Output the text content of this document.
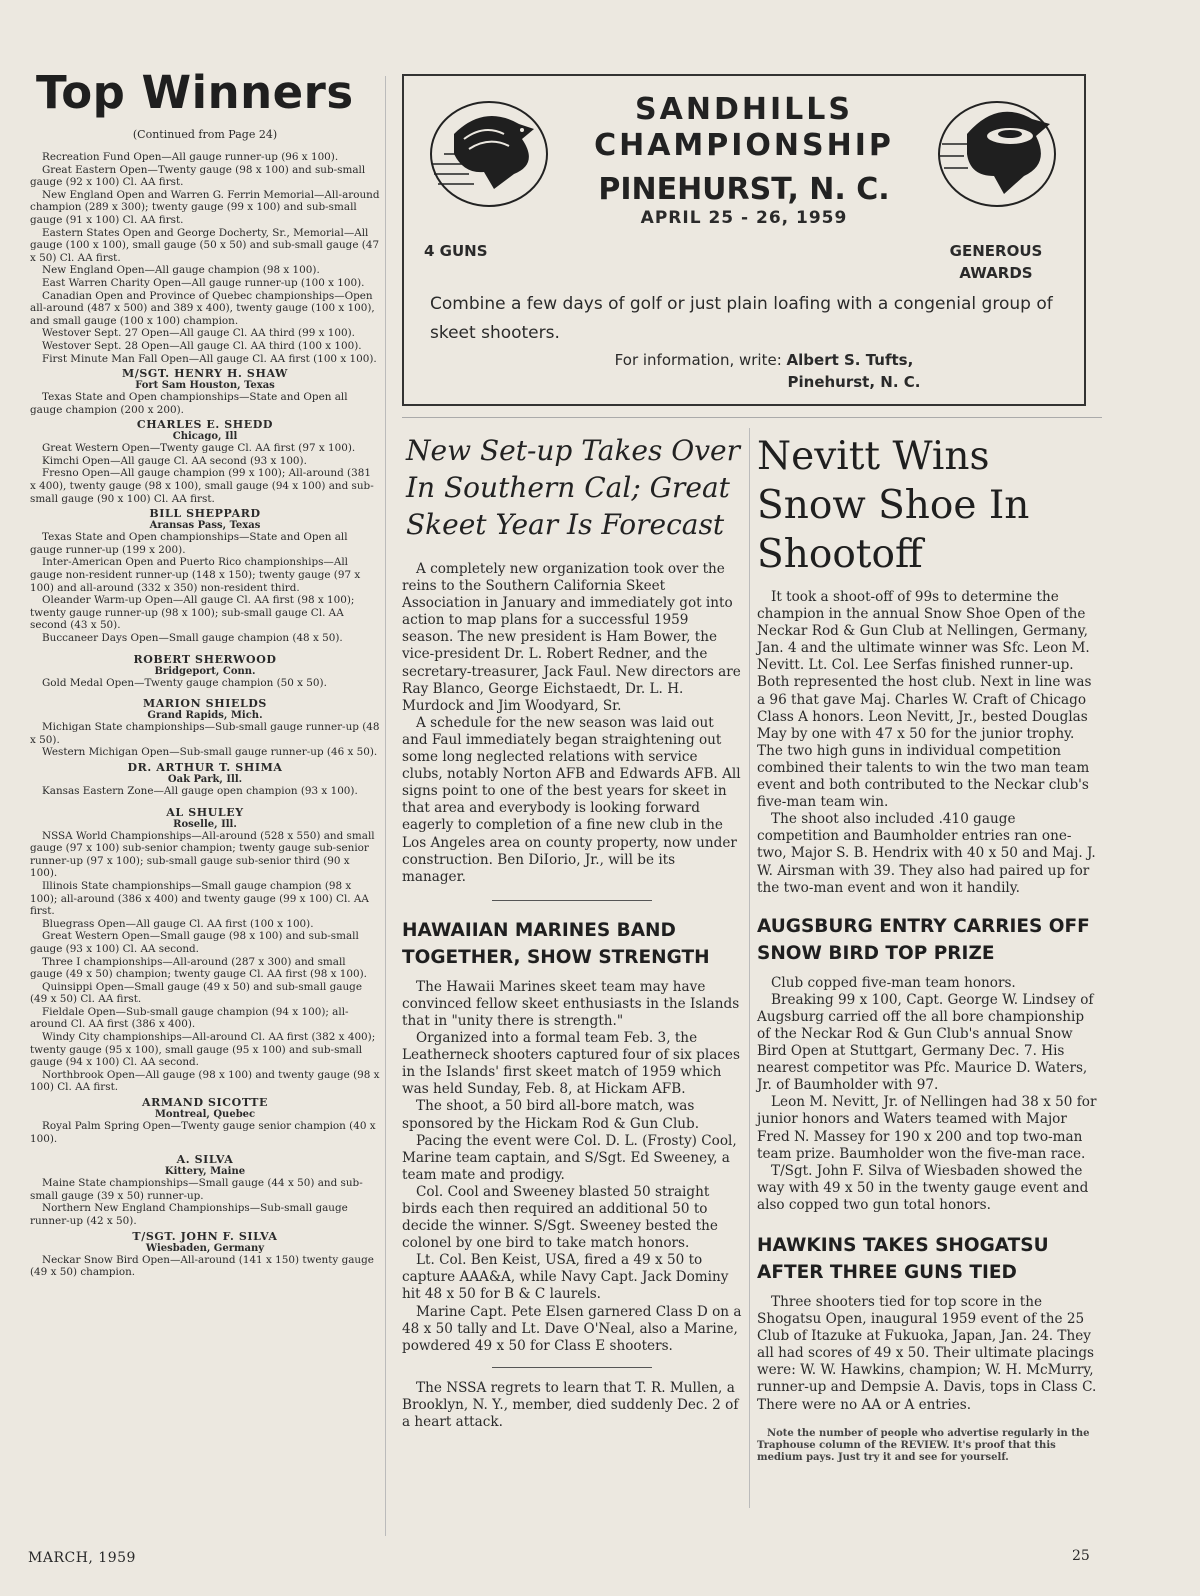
Top Winners
(Continued from Page 24)
Recreation Fund Open—All gauge runner-up (96 x 100).
Great Eastern Open—Twenty gauge (98 x 100) and sub-small gauge (92 x 100) Cl. AA first.
New England Open and Warren G. Ferrin Memorial—All-around champion (289 x 300); twenty gauge (99 x 100) and sub-small gauge (91 x 100) Cl. AA first.
Eastern States Open and George Docherty, Sr., Memorial—All gauge (100 x 100), small gauge (50 x 50) and sub-small gauge (47 x 50) Cl. AA first.
New England Open—All gauge champion (98 x 100).
East Warren Charity Open—All gauge runner-up (100 x 100).
Canadian Open and Province of Quebec championships—Open all-around (487 x 500) and 389 x 400), twenty gauge (100 x 100), and small gauge (100 x 100) champion.
Westover Sept. 27 Open—All gauge Cl. AA third (99 x 100).
Westover Sept. 28 Open—All gauge Cl. AA third (100 x 100).
First Minute Man Fall Open—All gauge Cl. AA first (100 x 100).
M/SGT. HENRY H. SHAW
Fort Sam Houston, Texas
Texas State and Open championships—State and Open all gauge champion (200 x 200).
CHARLES E. SHEDD
Chicago, Ill
Great Western Open—Twenty gauge Cl. AA first (97 x 100).
Kimchi Open—All gauge Cl. AA second (93 x 100).
Fresno Open—All gauge champion (99 x 100); All-around (381 x 400), twenty gauge (98 x 100), small gauge (94 x 100) and sub-small gauge (90 x 100) Cl. AA first.
BILL SHEPPARD
Aransas Pass, Texas
Texas State and Open championships—State and Open all gauge runner-up (199 x 200).
Inter-American Open and Puerto Rico championships—All gauge non-resident runner-up (148 x 150); twenty gauge (97 x 100) and all-around (332 x 350) non-resident third.
Oleander Warm-up Open—All gauge Cl. AA first (98 x 100); twenty gauge runner-up (98 x 100); sub-small gauge Cl. AA second (43 x 50).
Buccaneer Days Open—Small gauge champion (48 x 50).
ROBERT SHERWOOD
Bridgeport, Conn.
Gold Medal Open—Twenty gauge champion (50 x 50).
MARION SHIELDS
Grand Rapids, Mich.
Michigan State championships—Sub-small gauge runner-up (48 x 50).
Western Michigan Open—Sub-small gauge runner-up (46 x 50).
DR. ARTHUR T. SHIMA
Oak Park, Ill.
Kansas Eastern Zone—All gauge open champion (93 x 100).
AL SHULEY
Roselle, Ill.
NSSA World Championships—All-around (528 x 550) and small gauge (97 x 100) sub-senior champion; twenty gauge sub-senior runner-up (97 x 100); sub-small gauge sub-senior third (90 x 100).
Illinois State championships—Small gauge champion (98 x 100); all-around (386 x 400) and twenty gauge (99 x 100) Cl. AA first.
Bluegrass Open—All gauge Cl. AA first (100 x 100).
Great Western Open—Small gauge (98 x 100) and sub-small gauge (93 x 100) Cl. AA second.
Three I championships—All-around (287 x 300) and small gauge (49 x 50) champion; twenty gauge Cl. AA first (98 x 100).
Quinsippi Open—Small gauge (49 x 50) and sub-small gauge (49 x 50) Cl. AA first.
Fieldale Open—Sub-small gauge champion (94 x 100); all-around Cl. AA first (386 x 400).
Windy City championships—All-around Cl. AA first (382 x 400); twenty gauge (95 x 100), small gauge (95 x 100) and sub-small gauge (94 x 100) Cl. AA second.
Northbrook Open—All gauge (98 x 100) and twenty gauge (98 x 100) Cl. AA first.
ARMAND SICOTTE
Montreal, Quebec
Royal Palm Spring Open—Twenty gauge senior champion (40 x 100).
A. SILVA
Kittery, Maine
Maine State championships—Small gauge (44 x 50) and sub-small gauge (39 x 50) runner-up.
Northern New England Championships—Sub-small gauge runner-up (42 x 50).
T/SGT. JOHN F. SILVA
Wiesbaden, Germany
Neckar Snow Bird Open—All-around (141 x 150) twenty gauge (49 x 50) champion.
SANDHILLS
CHAMPIONSHIP
PINEHURST, N. C.
APRIL 25 - 26, 1959
4 GUNS	GENEROUS
AWARDS
Combine a few days of golf or just plain loafing with a congenial group of skeet shooters.
For information, write: Albert S. Tufts,
Pinehurst, N. C.
New Set-up Takes Over In Southern Cal; Great Skeet Year Is Forecast
A completely new organization took over the reins to the Southern California Skeet Association in January and immediately got into action to map plans for a successful 1959 season. The new president is Ham Bower, the vice-president Dr. L. Robert Redner, and the secretary-treasurer, Jack Faul. New directors are Ray Blanco, George Eichstaedt, Dr. L. H. Murdock and Jim Woodyard, Sr.
A schedule for the new season was laid out and Faul immediately began straightening out some long neglected relations with service clubs, notably Norton AFB and Edwards AFB. All signs point to one of the best years for skeet in that area and everybody is looking forward eagerly to completion of a fine new club in the Los Angeles area on county property, now under construction. Ben DiIorio, Jr., will be its manager.
HAWAIIAN MARINES BAND TOGETHER, SHOW STRENGTH
The Hawaii Marines skeet team may have convinced fellow skeet enthusiasts in the Islands that in "unity there is strength."
Organized into a formal team Feb. 3, the Leatherneck shooters captured four of six places in the Islands' first skeet match of 1959 which was held Sunday, Feb. 8, at Hickam AFB.
The shoot, a 50 bird all-bore match, was sponsored by the Hickam Rod & Gun Club.
Pacing the event were Col. D. L. (Frosty) Cool, Marine team captain, and S/Sgt. Ed Sweeney, a team mate and prodigy.
Col. Cool and Sweeney blasted 50 straight birds each then required an additional 50 to decide the winner. S/Sgt. Sweeney bested the colonel by one bird to take match honors.
Lt. Col. Ben Keist, USA, fired a 49 x 50 to capture AAA&A, while Navy Capt. Jack Dominy hit 48 x 50 for B & C laurels.
Marine Capt. Pete Elsen garnered Class D on a 48 x 50 tally and Lt. Dave O'Neal, also a Marine, powdered 49 x 50 for Class E shooters.
The NSSA regrets to learn that T. R. Mullen, a Brooklyn, N. Y., member, died suddenly Dec. 2 of a heart attack.
Nevitt Wins Snow Shoe In Shootoff
It took a shoot-off of 99s to determine the champion in the annual Snow Shoe Open of the Neckar Rod & Gun Club at Nellingen, Germany, Jan. 4 and the ultimate winner was Sfc. Leon M. Nevitt. Lt. Col. Lee Serfas finished runner-up. Both represented the host club. Next in line was a 96 that gave Maj. Charles W. Craft of Chicago Class A honors. Leon Nevitt, Jr., bested Douglas May by one with 47 x 50 for the junior trophy. The two high guns in individual competition combined their talents to win the two man team event and both contributed to the Neckar club's five-man team win.
The shoot also included .410 gauge competition and Baumholder entries ran one-two, Major S. B. Hendrix with 40 x 50 and Maj. J. W. Airsman with 39. They also had paired up for the two-man event and won it handily.
AUGSBURG ENTRY CARRIES OFF SNOW BIRD TOP PRIZE
Club copped five-man team honors.
Breaking 99 x 100, Capt. George W. Lindsey of Augsburg carried off the all bore championship of the Neckar Rod & Gun Club's annual Snow Bird Open at Stuttgart, Germany Dec. 7. His nearest competitor was Pfc. Maurice D. Waters, Jr. of Baumholder with 97.
Leon M. Nevitt, Jr. of Nellingen had 38 x 50 for junior honors and Waters teamed with Major Fred N. Massey for 190 x 200 and top two-man team prize. Baumholder won the five-man race.
T/Sgt. John F. Silva of Wiesbaden showed the way with 49 x 50 in the twenty gauge event and also copped two gun total honors.
HAWKINS TAKES SHOGATSU AFTER THREE GUNS TIED
Three shooters tied for top score in the Shogatsu Open, inaugural 1959 event of the 25 Club of Itazuke at Fukuoka, Japan, Jan. 24. They all had scores of 49 x 50. Their ultimate placings were: W. W. Hawkins, champion; W. H. McMurry, runner-up and Dempsie A. Davis, tops in Class C. There were no AA or A entries.
Note the number of people who advertise regularly in the Traphouse column of the REVIEW. It's proof that this medium pays. Just try it and see for yourself.
MARCH, 1959	25
